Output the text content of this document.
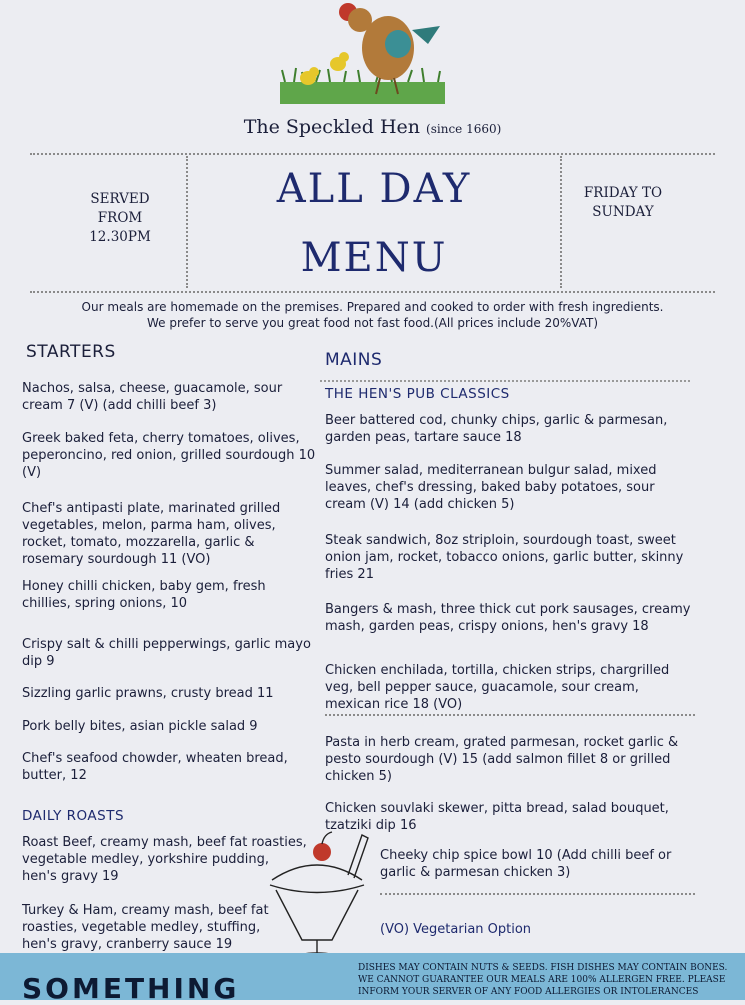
The Speckled Hen (since 1660)
SERVED
FROM
12.30PM
FRIDAY TO
SUNDAY
ALL DAY
MENU
Our meals are homemade on the premises. Prepared and cooked to order with fresh ingredients.
We prefer to serve you great food not fast food.(All prices include 20%VAT)
STARTERS
Nachos, salsa, cheese, guacamole, sour cream 7 (V) (add chilli beef 3)
Greek baked feta, cherry tomatoes, olives, peperoncino, red onion, grilled sourdough 10 (V)
Chef's antipasti plate, marinated grilled vegetables, melon, parma ham, olives, rocket, tomato, mozzarella, garlic & rosemary sourdough 11 (VO)
Honey chilli chicken, baby gem, fresh chillies, spring onions, 10
Crispy salt & chilli pepperwings, garlic mayo dip 9
Sizzling garlic prawns, crusty bread 11
Pork belly bites, asian pickle salad 9
Chef's seafood chowder, wheaten bread, butter, 12
DAILY ROASTS
Roast Beef, creamy mash, beef fat roasties, vegetable medley, yorkshire pudding, hen's gravy 19
Turkey & Ham, creamy mash, beef fat roasties, vegetable medley, stuffing, hen's gravy, cranberry sauce 19
MAINS
THE HEN'S PUB CLASSICS
Beer battered cod, chunky chips, garlic & parmesan, garden peas, tartare sauce 18
Summer salad, mediterranean bulgur salad, mixed leaves, chef's dressing, baked baby potatoes, sour cream (V) 14 (add chicken 5)
Steak sandwich, 8oz striploin, sourdough toast, sweet onion jam, rocket, tobacco onions, garlic butter, skinny fries 21
Bangers & mash, three thick cut pork sausages, creamy mash, garden peas, crispy onions, hen's gravy 18
Chicken enchilada, tortilla, chicken strips, chargrilled veg, bell pepper sauce, guacamole, sour cream, mexican rice 18 (VO)
Pasta in herb cream, grated parmesan, rocket garlic & pesto sourdough (V) 15 (add salmon fillet 8 or grilled chicken 5)
Chicken souvlaki skewer, pitta bread, salad bouquet, tzatziki dip 16
Cheeky chip spice bowl 10 (Add chilli beef or garlic & parmesan chicken 3)
(VO) Vegetarian Option
SOMETHING
DISHES MAY CONTAIN NUTS & SEEDS. FISH DISHES MAY CONTAIN BONES. WE CANNOT GUARANTEE OUR MEALS ARE 100% ALLERGEN FREE. PLEASE INFORM YOUR SERVER OF ANY FOOD ALLERGIES OR INTOLERANCES
